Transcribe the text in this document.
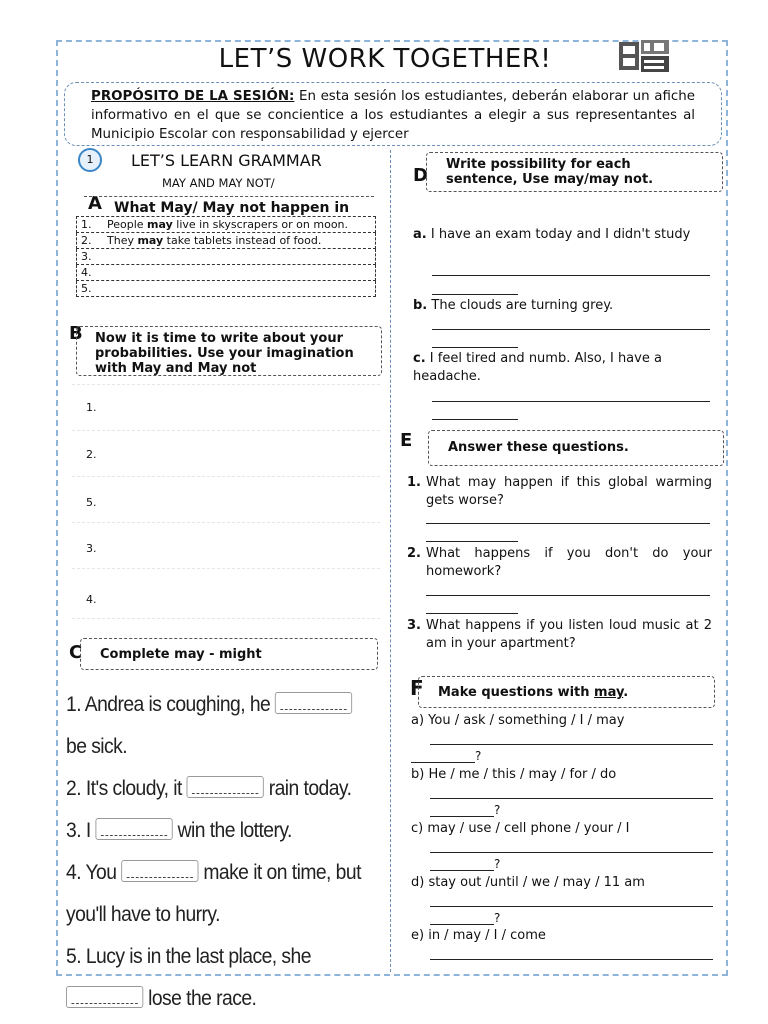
LET’S WORK TOGETHER!
PROPÓSITO DE LA SESIÓN: En esta sesión los estudiantes, deberán elaborar un afiche informativo en el que se concientice a los estudiantes a elegir a sus representantes al Municipio Escolar con responsabilidad y ejercer
1	LET’S LEARN GRAMMAR
MAY AND MAY NOT/
A What May/ May not happen in
1.	People may live in skyscrapers or on moon.
2.	They may take tablets instead of food.
3.
4.
5.
B Now it is time to write about your probabilities. Use your imagination with May and May not
1.
2.
5.
3.
4.
C	Complete may - might
1. Andrea is coughing, he  be sick.
2. It's cloudy, it	rain today.
3. I	win the lottery.
4. You	make it on time, but you'll have to hurry.
5. Lucy is in the last place, she  lose the race.
D
Write possibility for each sentence, Use may/may not.
a. I have an exam today and I didn't study
b. The clouds are turning grey.
c. I feel tired and numb. Also, I have a headache.
E	Answer these questions.
1. What may happen if this global warming gets worse?
2. What happens if you don't do your homework?
3. What happens if you listen loud music at 2 am in your apartment?
F	Make questions with may.
a) You / ask / something / I / may
?
b) He / me / this / may / for / do
?
c) may / use / cell phone / your / I
?
d) stay out /until / we / may / 11 am
?
e) in / may / I / come
